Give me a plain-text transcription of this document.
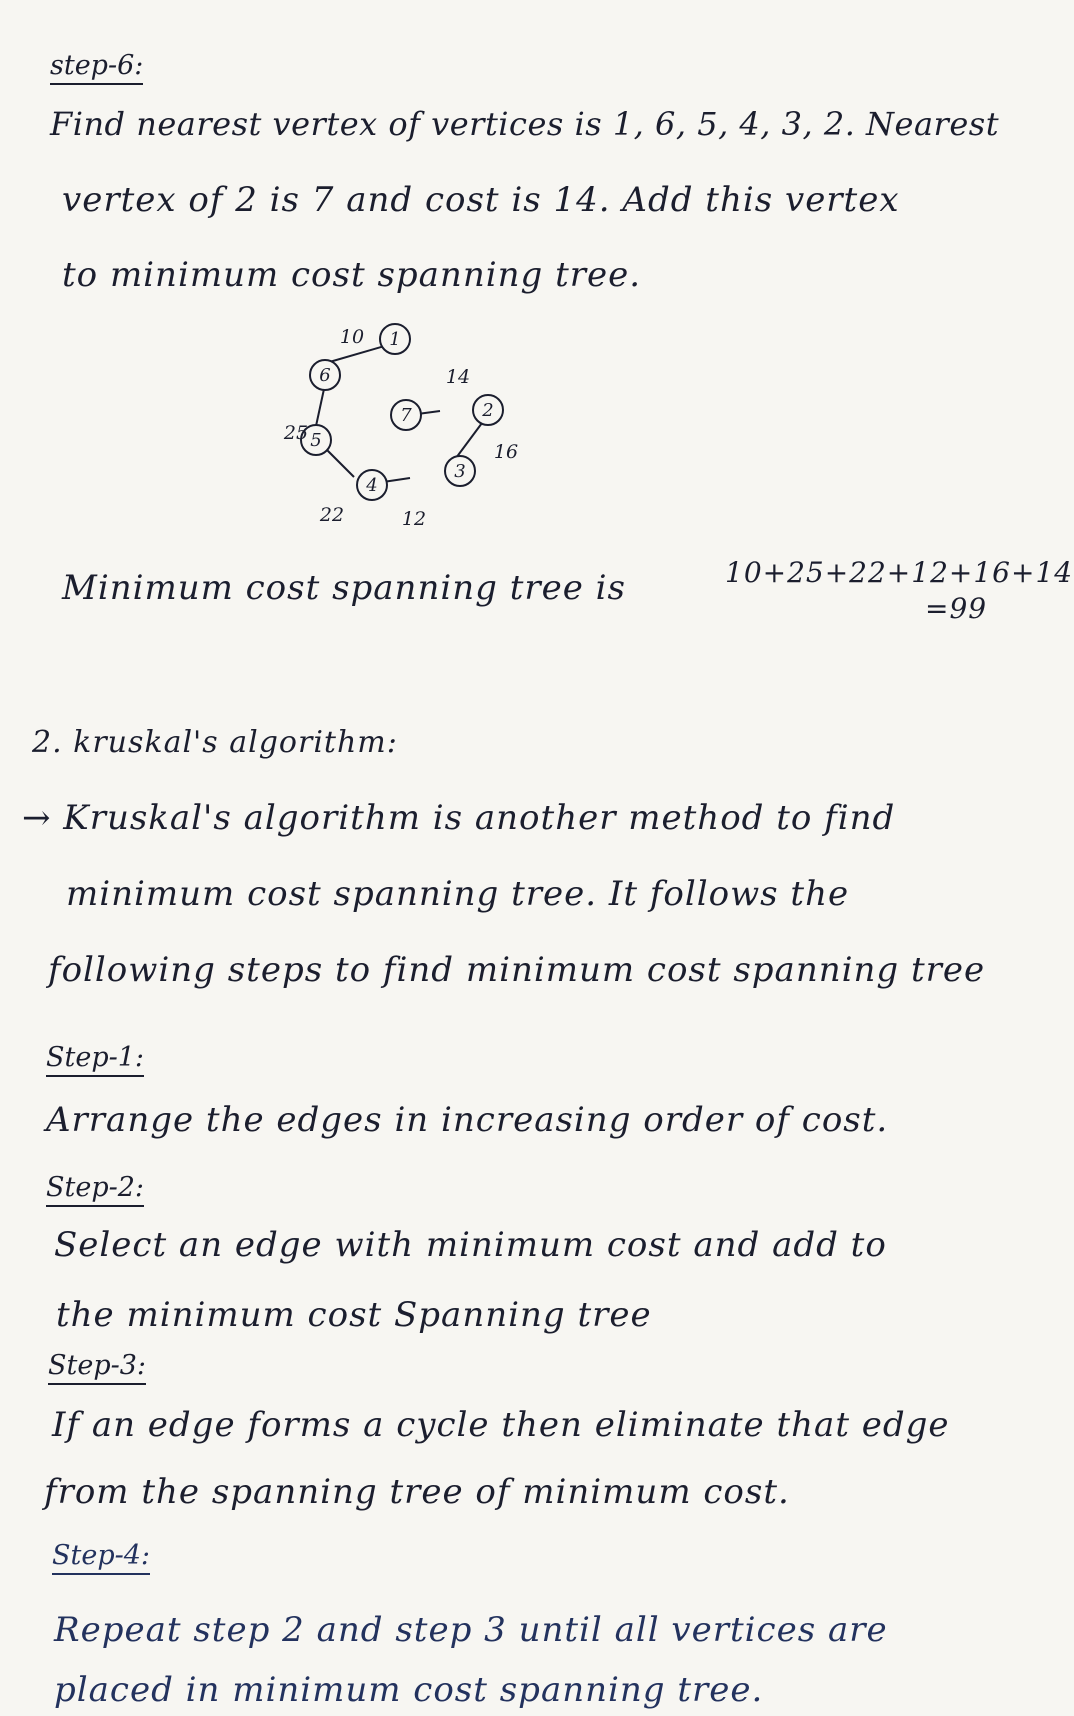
step-6:
Find nearest vertex of vertices is 1, 6, 5, 4, 3, 2. Nearest
vertex of 2 is 7 and cost is 14. Add this vertex
to minimum cost spanning tree.
1
6
7	2
5
3
4
10
14
25
16
22	12
Minimum cost spanning tree is	10+25+22+12+16+14
=99
2. kruskal's algorithm:
→ Kruskal's algorithm is another method to find
minimum cost spanning tree. It follows the
following steps to find minimum cost spanning tree
Step-1:
Arrange the edges in increasing order of cost.
Step-2:
Select an edge with minimum cost and add to
the minimum cost Spanning tree
Step-3:
If an edge forms a cycle then eliminate that edge
from the spanning tree of minimum cost.
Step-4:
Repeat step 2 and step 3 until all vertices are
placed in minimum cost spanning tree.
